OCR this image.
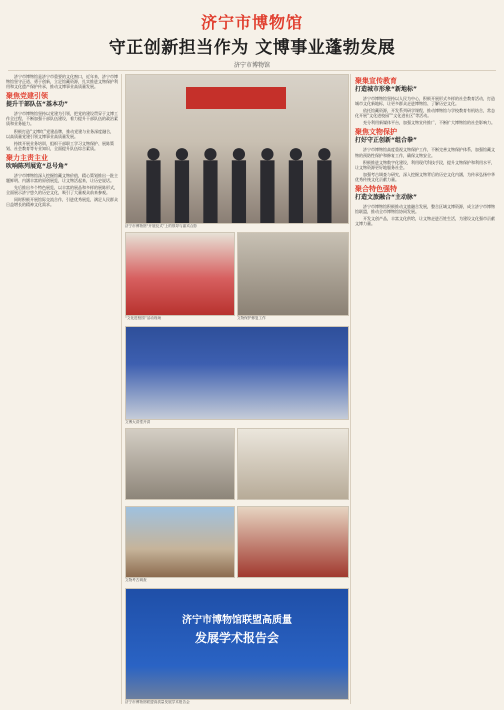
济宁市博物馆
守正创新担当作为 文博事业蓬勃发展
济宁市博物馆

济宁市博物馆是济宁市重要的文化窗口，近年来，济宁市博物馆坚守正道、勇于创新，立足馆藏资源，扎实推进文物保护利用和文化遗产保护传承，推动文博事业高质量发展。

聚焦党建引领
提升干部队伍“基本功”

济宁市博物馆坚持以党建为引领，把党的建设贯穿于文博工作全过程，不断加强干部队伍建设，着力提升干部队伍的政治素质和业务能力。

积极打造“文博红”党建品牌，推动党建与业务深度融合，以高质量党建引领文博事业高质量发展。

持续开展业务培训，组织干部职工学习文物保护、展陈策划、社会教育等专业知识，全面提升队伍综合素质。

聚力主责主业
吹响陈列展览“总号角”

济宁市博物馆深入挖掘馆藏文物价值，精心策划推出一批主题鲜明、内涵丰富的原创展览，让文物活起来，让历史说话。

先后推出多个特色展览，以丰富的展品和多样的展陈形式，全面展示济宁悠久的历史文化，吸引了大量观众前来参观。

同时积极开展馆际交流合作，引进优秀展览，满足人民群众日益增长的精神文化需求。

济宁市博物馆“开展仪式”上的领导与嘉宾合影
“文化进校园”活动现场	文物保护修复工作
文博大讲堂开讲
文物考古调查
济宁市博物馆联盟高质量
发展学术报告会
济宁市博物馆联盟高质量发展学术报告会
聚集宣传教育
打造城市形象“新地标”

济宁市博物馆坚持以人民为中心，积极开展形式多样的社会教育活动，打造城市文化新地标，让更多群众走进博物馆、了解历史文化。

依托馆藏资源，开发系列研学课程，推动博物馆与学校教育有机结合，常态化开展“文化进校园”“文化进社区”等活动。

充分利用新媒体平台，加强文物宣传推广，不断扩大博物馆的社会影响力。

聚焦文物保护
打好守正创新“组合拳”

济宁市博物馆高度重视文物保护工作，不断完善文物保护体系，加强馆藏文物的预防性保护和修复工作，确保文物安全。

积极推进文物数字化建设，利用现代科技手段，提升文物保护和利用水平，让文物资源更好地服务社会。

加强考古调查与研究，深入挖掘文物背后的历史文化内涵，为传承弘扬中华优秀传统文化贡献力量。

聚合特色强特
打造文旅融合“主动脉”

济宁市博物馆积极推动文旅融合发展，整合区域文博资源，成立济宁市博物馆联盟，推动全市博物馆协同发展。

开发文创产品，丰富文化供给，让文物走进百姓生活，为建设文化强市贡献文博力量。
